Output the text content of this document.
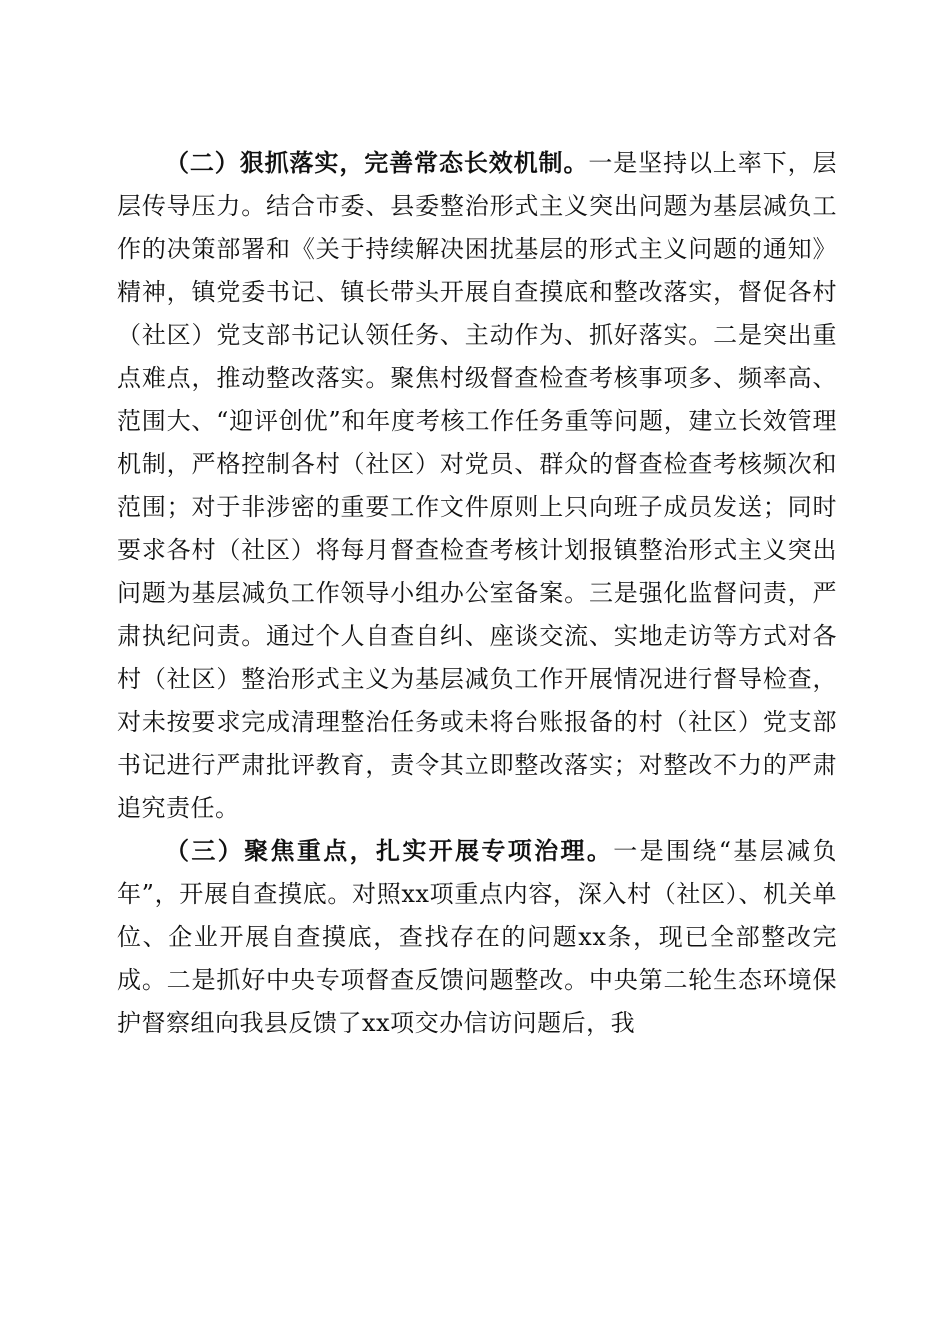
（二）狠抓落实，完善常态长效机制。一是坚持以上率下，层层传导压力。结合市委、县委整治形式主义突出问题为基层减负工作的决策部署和《关于持续解决困扰基层的形式主义问题的通知》精神，镇党委书记、镇长带头开展自查摸底和整改落实，督促各村（社区）党支部书记认领任务、主动作为、抓好落实。二是突出重点难点，推动整改落实。聚焦村级督查检查考核事项多、频率高、范围大、“迎评创优”和年度考核工作任务重等问题，建立长效管理机制，严格控制各村（社区）对党员、群众的督查检查考核频次和范围；对于非涉密的重要工作文件原则上只向班子成员发送；同时要求各村（社区）将每月督查检查考核计划报镇整治形式主义突出问题为基层减负工作领导小组办公室备案。三是强化监督问责，严肃执纪问责。通过个人自查自纠、座谈交流、实地走访等方式对各村（社区）整治形式主义为基层减负工作开展情况进行督导检查，对未按要求完成清理整治任务或未将台账报备的村（社区）党支部书记进行严肃批评教育，责令其立即整改落实；对整改不力的严肃追究责任。

（三）聚焦重点，扎实开展专项治理。一是围绕“基层减负年”，开展自查摸底。对照xx项重点内容，深入村（社区）、机关单位、企业开展自查摸底，查找存在的问题xx条，现已全部整改完成。二是抓好中央专项督查反馈问题整改。中央第二轮生态环境保护督察组向我县反馈了xx项交办信访问题后，我
